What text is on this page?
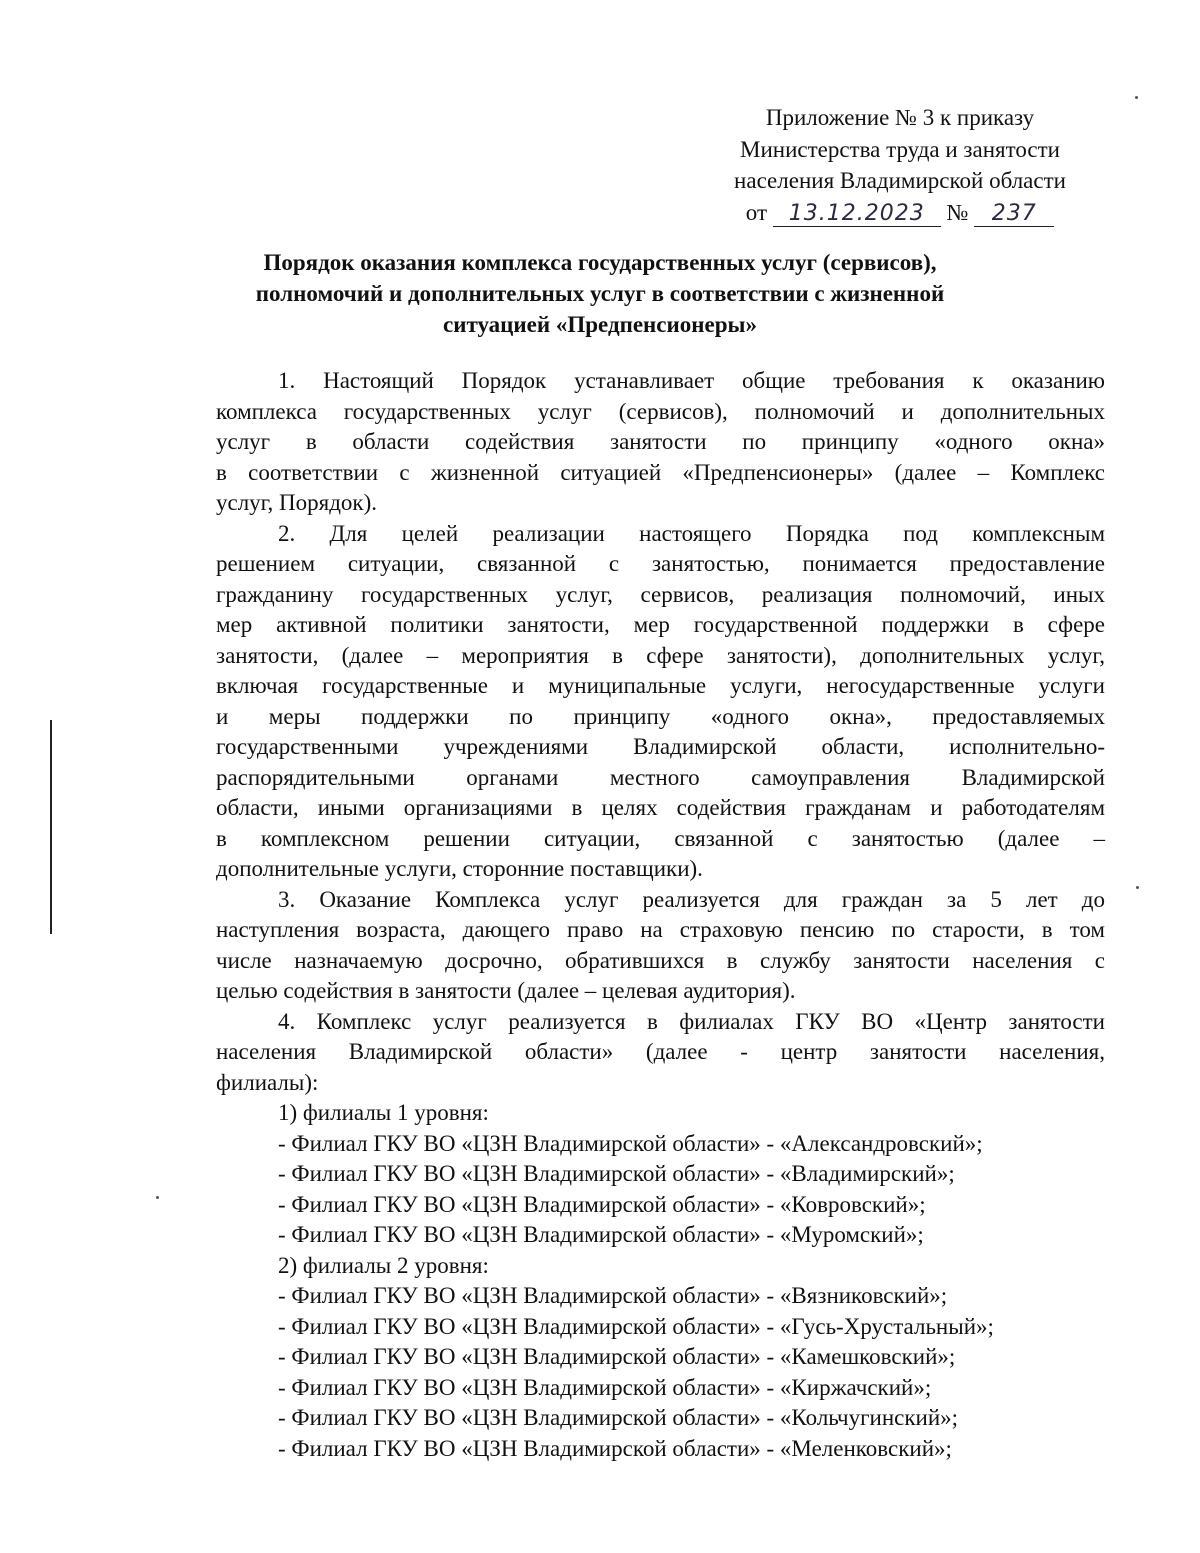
Приложение № 3 к приказу
Министерства труда и занятости
населения Владимирской области
от 13.12.2023 № 237
Порядок оказания комплекса государственных услуг (сервисов),
полномочий и дополнительных услуг в соответствии с жизненной
ситуацией «Предпенсионеры»
1. Настоящий Порядок устанавливает общие требования к оказанию
комплекса государственных услуг (сервисов), полномочий и дополнительных
услуг в области содействия занятости по принципу «одного окна»
в соответствии с жизненной ситуацией «Предпенсионеры» (далее – Комплекс
услуг, Порядок).
2. Для целей реализации настоящего Порядка под комплексным
решением ситуации, связанной с занятостью, понимается предоставление
гражданину государственных услуг, сервисов, реализация полномочий, иных
мер активной политики занятости, мер государственной поддержки в сфере
занятости, (далее – мероприятия в сфере занятости), дополнительных услуг,
включая государственные и муниципальные услуги, негосударственные услуги
и меры поддержки по принципу «одного окна», предоставляемых
государственными учреждениями Владимирской области, исполнительно-
распорядительными органами местного самоуправления Владимирской
области, иными организациями в целях содействия гражданам и работодателям
в комплексном решении ситуации, связанной с занятостью (далее –
дополнительные услуги, сторонние поставщики).
3. Оказание Комплекса услуг реализуется для граждан за 5 лет до
наступления возраста, дающего право на страховую пенсию по старости, в том
числе назначаемую досрочно, обратившихся в службу занятости населения с
целью содействия в занятости (далее – целевая аудитория).
4. Комплекс услуг реализуется в филиалах ГКУ ВО «Центр занятости
населения Владимирской области» (далее - центр занятости населения,
филиалы):
1) филиалы 1 уровня:
- Филиал ГКУ ВО «ЦЗН Владимирской области» - «Александровский»;
- Филиал ГКУ ВО «ЦЗН Владимирской области» - «Владимирский»;
- Филиал ГКУ ВО «ЦЗН Владимирской области» - «Ковровский»;
- Филиал ГКУ ВО «ЦЗН Владимирской области» - «Муромский»;
2) филиалы 2 уровня:
- Филиал ГКУ ВО «ЦЗН Владимирской области» - «Вязниковский»;
- Филиал ГКУ ВО «ЦЗН Владимирской области» - «Гусь-Хрустальный»;
- Филиал ГКУ ВО «ЦЗН Владимирской области» - «Камешковский»;
- Филиал ГКУ ВО «ЦЗН Владимирской области» - «Киржачский»;
- Филиал ГКУ ВО «ЦЗН Владимирской области» - «Кольчугинский»;
- Филиал ГКУ ВО «ЦЗН Владимирской области» - «Меленковский»;
